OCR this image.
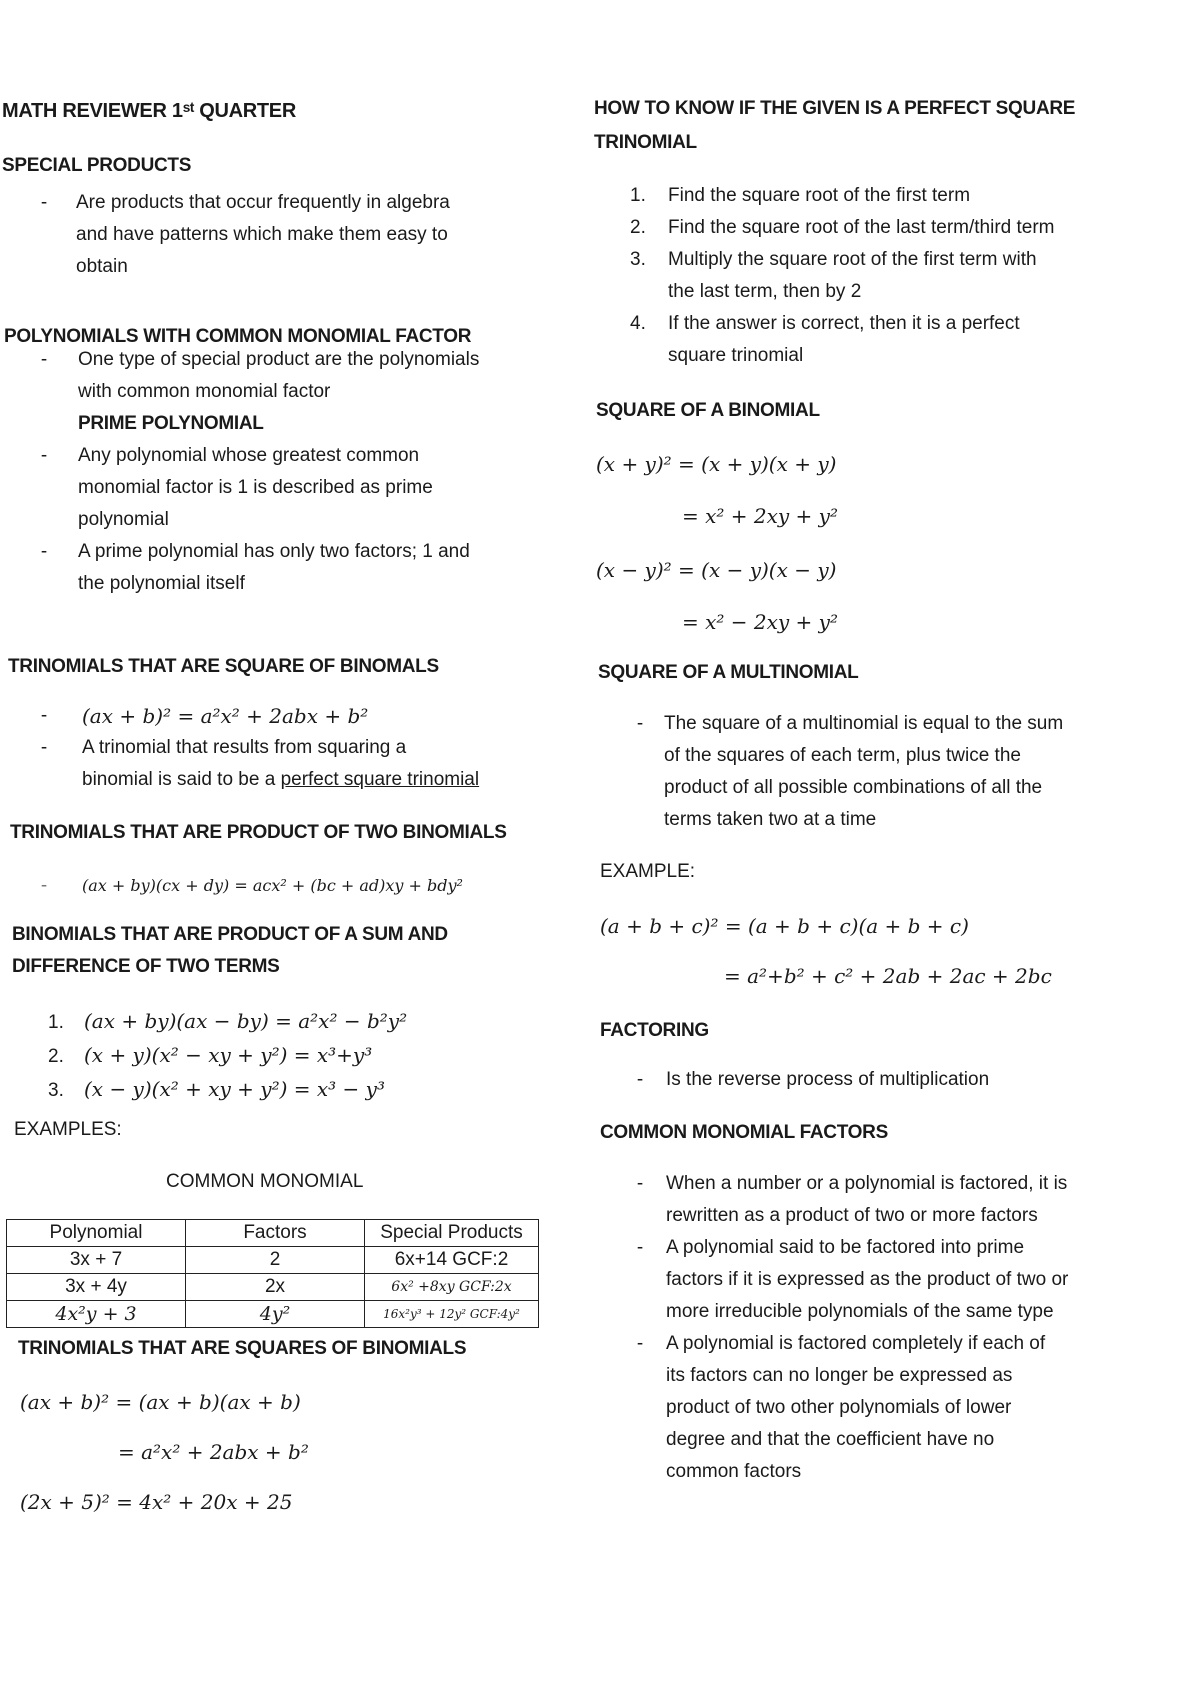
MATH REVIEWER 1ˢᵗ QUARTER
SPECIAL PRODUCTS
- Are products that occur frequently in algebra
and have patterns which make them easy to
obtain
POLYNOMIALS WITH COMMON MONOMIAL FACTOR
- One type of special product are the polynomials
with common monomial factor
PRIME POLYNOMIAL
- Any polynomial whose greatest common
monomial factor is 1 is described as prime
polynomial
- A prime polynomial has only two factors; 1 and
the polynomial itself
TRINOMIALS THAT ARE SQUARE OF BINOMALS
- (ax + b)² = a²x² + 2abx + b²
- A trinomial that results from squaring a
binomial is said to be a perfect square trinomial
TRINOMIALS THAT ARE PRODUCT OF TWO BINOMIALS
- (ax + by)(cx + dy) = acx² + (bc + ad)xy + bdy²
BINOMIALS THAT ARE PRODUCT OF A SUM AND
DIFFERENCE OF TWO TERMS
1. (ax + by)(ax − by) = a²x² − b²y²
2. (x + y)(x² − xy + y²) = x³+y³
3. (x − y)(x² + xy + y²) = x³ − y³
EXAMPLES:
COMMON MONOMIAL
Polynomial	Factors	Special Products
3x + 7	2	6x+14 GCF:2
3x + 4y	2x	6x² +8xy GCF:2x
4x²y + 3	4y²	16x²y³ + 12y² GCF:4y²
TRINOMIALS THAT ARE SQUARES OF BINOMIALS
(ax + b)² = (ax + b)(ax + b)
= a²x² + 2abx + b²
(2x + 5)² = 4x² + 20x + 25
HOW TO KNOW IF THE GIVEN IS A PERFECT SQUARE
TRINOMIAL
1.	Find the square root of the first term
2.	Find the square root of the last term/third term
3.	Multiply the square root of the first term with
the last term, then by 2
4.	If the answer is correct, then it is a perfect
square trinomial
SQUARE OF A BINOMIAL
(x + y)² = (x + y)(x + y)
= x² + 2xy + y²
(x − y)² = (x − y)(x − y)
= x² − 2xy + y²
SQUARE OF A MULTINOMIAL
- The square of a multinomial is equal to the sum
of the squares of each term, plus twice the
product of all possible combinations of all the
terms taken two at a time
EXAMPLE:
(a + b + c)² = (a + b + c)(a + b + c)
= a²+b² + c² + 2ab + 2ac + 2bc
FACTORING
- Is the reverse process of multiplication
COMMON MONOMIAL FACTORS
- When a number or a polynomial is factored, it is
rewritten as a product of two or more factors
- A polynomial said to be factored into prime
factors if it is expressed as the product of two or
more irreducible polynomials of the same type
- A polynomial is factored completely if each of
its factors can no longer be expressed as
product of two other polynomials of lower
degree and that the coefficient have no
common factors
